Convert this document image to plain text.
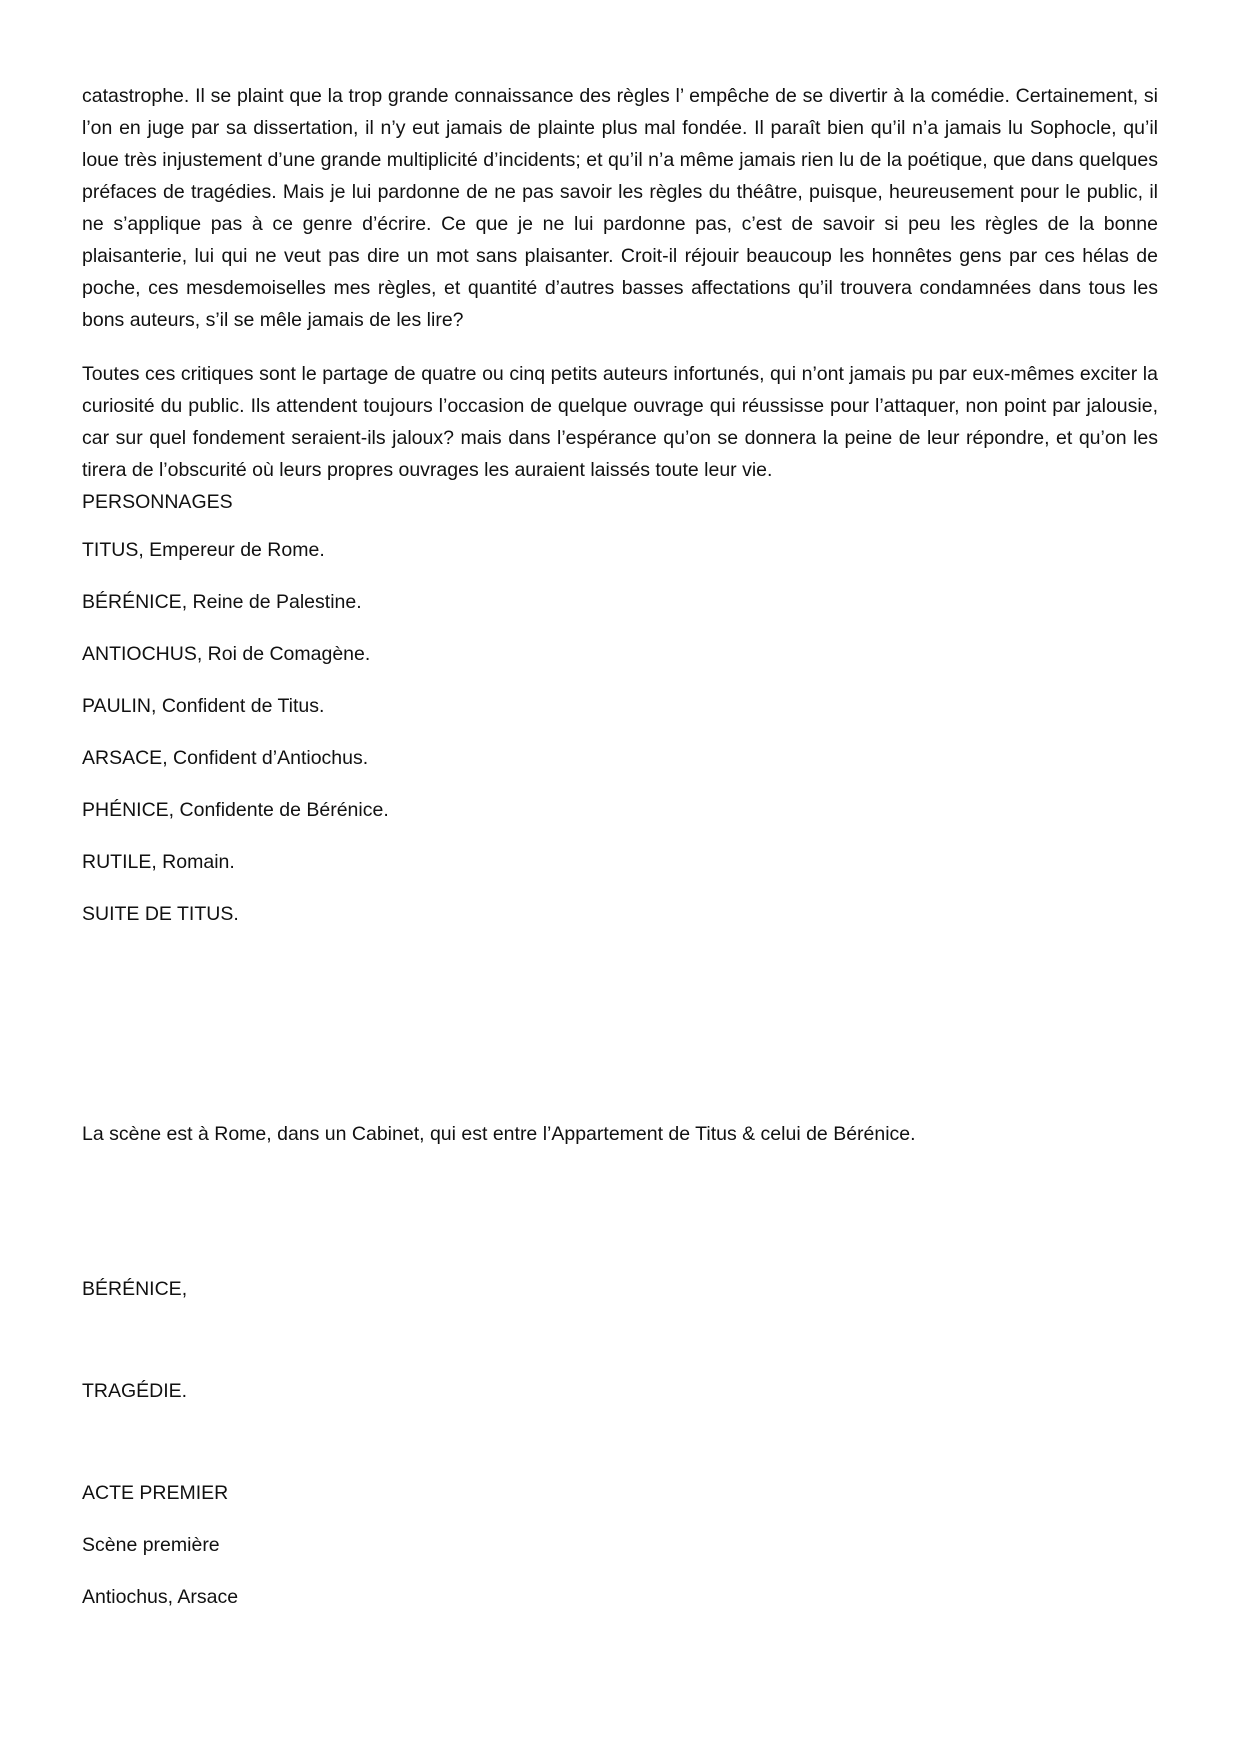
catastrophe. Il se plaint que la trop grande connaissance des règles l’ empêche de se divertir à la comédie. Certainement, si l’on en juge par sa dissertation, il n’y eut jamais de plainte plus mal fondée. Il paraît bien qu’il n’a jamais lu Sophocle, qu’il loue très injustement d’une grande multiplicité d’incidents; et qu’il n’a même jamais rien lu de la poétique, que dans quelques préfaces de tragédies. Mais je lui pardonne de ne pas savoir les règles du théâtre, puisque, heureusement pour le public, il ne s’applique pas à ce genre d’écrire. Ce que je ne lui pardonne pas, c’est de savoir si peu les règles de la bonne plaisanterie, lui qui ne veut pas dire un mot sans plaisanter. Croit-il réjouir beaucoup les honnêtes gens par ces hélas de poche, ces mesdemoiselles mes règles, et quantité d’autres basses affectations qu’il trouvera condamnées dans tous les bons auteurs, s’il se mêle jamais de les lire?

Toutes ces critiques sont le partage de quatre ou cinq petits auteurs infortunés, qui n’ont jamais pu par eux-mêmes exciter la curiosité du public. Ils attendent toujours l’occasion de quelque ouvrage qui réussisse pour l’attaquer, non point par jalousie, car sur quel fondement seraient-ils jaloux? mais dans l’espérance qu’on se donnera la peine de leur répondre, et qu’on les tirera de l’obscurité où leurs propres ouvrages les auraient laissés toute leur vie.
PERSONNAGES

TITUS, Empereur de Rome.
BÉRÉNICE, Reine de Palestine.
ANTIOCHUS, Roi de Comagène.
PAULIN, Confident de Titus.
ARSACE, Confident d’Antiochus.
PHÉNICE, Confidente de Bérénice.
RUTILE, Romain.
SUITE DE TITUS.

La scène est à Rome, dans un Cabinet, qui est entre l’Appartement de Titus & celui de Bérénice.

BÉRÉNICE,

TRAGÉDIE.

ACTE PREMIER

Scène première

Antiochus, Arsace
